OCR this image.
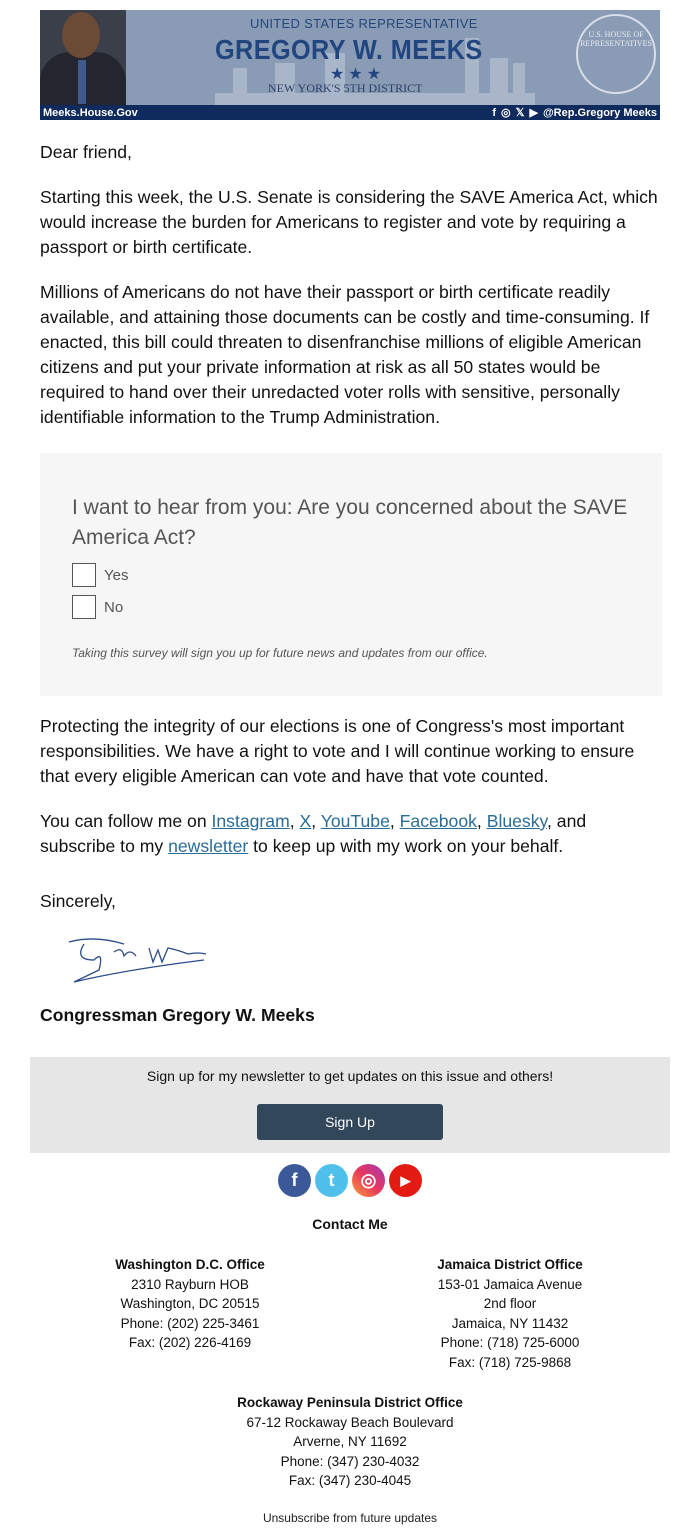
UNITED STATES REPRESENTATIVE
GREGORY W. MEEKS
★★★
NEW YORK'S 5TH DISTRICT
U.S. HOUSE OF REPRESENTATIVES
Meeks.House.Gov	f ◎ 𝕏 ▶ @Rep.Gregory Meeks

Dear friend,

Starting this week, the U.S. Senate is considering the SAVE America Act, which would increase the burden for Americans to register and vote by requiring a passport or birth certificate.

Millions of Americans do not have their passport or birth certificate readily available, and attaining those documents can be costly and time-consuming. If enacted, this bill could threaten to disenfranchise millions of eligible American citizens and put your private information at risk as all 50 states would be required to hand over their unredacted voter rolls with sensitive, personally identifiable information to the Trump Administration.

I want to hear from you: Are you concerned about the SAVE America Act?
Yes
No
Taking this survey will sign you up for future news and updates from our office.

Protecting the integrity of our elections is one of Congress's most important responsibilities. We have a right to vote and I will continue working to ensure that every eligible American can vote and have that vote counted.

You can follow me on Instagram, X, YouTube, Facebook, Bluesky, and subscribe to my newsletter to keep up with my work on your behalf.

Sincerely,

Congressman Gregory W. Meeks

Sign up for my newsletter to get updates on this issue and others!
Sign Up
f	t	◎	▶
Contact Me
Washington D.C. Office
2310 Rayburn HOB
Washington, DC 20515
Phone: (202) 225-3461
Fax: (202) 226-4169
Jamaica District Office
153-01 Jamaica Avenue
2nd floor
Jamaica, NY 11432
Phone: (718) 725-6000
Fax: (718) 725-9868
Rockaway Peninsula District Office
67-12 Rockaway Beach Boulevard
Arverne, NY 11692
Phone: (347) 230-4032
Fax: (347) 230-4045
Unsubscribe from future updates
